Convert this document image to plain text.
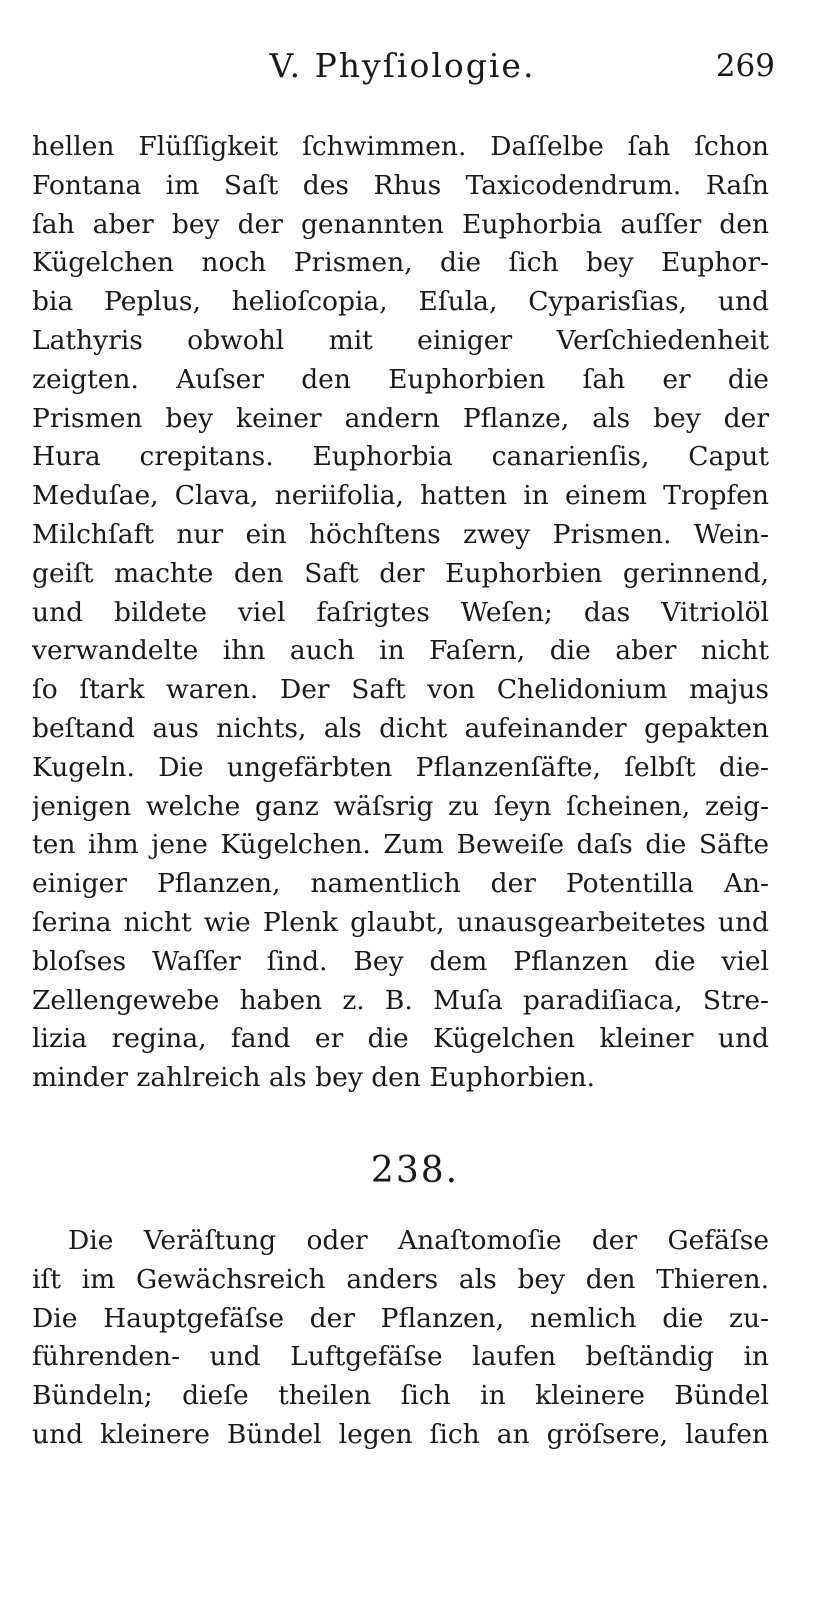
V. Phyſiologie.	269
hellen Flüſſigkeit ſchwimmen. Daſſelbe ſah ſchon
Fontana im Saſt des Rhus Taxicodendrum. Raſn
ſah aber bey der genannten Euphorbia auſſer den
Kügelchen noch Prismen, die ſich bey Euphor-
bia Peplus, helioſcopia, Eſula, Cyparisſias, und
Lathyris obwohl mit einiger Verſchiedenheit
zeigten. Auſser den Euphorbien ſah er die
Prismen bey keiner andern Pflanze, als bey der
Hura crepitans. Euphorbia canarienſis, Caput
Meduſae, Clava, neriifolia, hatten in einem Tropfen
Milchſaft nur ein höchſtens zwey Prismen. Wein-
geiſt machte den Saft der Euphorbien gerinnend,
und bildete viel faſrigtes Weſen; das Vitriolöl
verwandelte ihn auch in Faſern, die aber nicht
ſo ſtark waren. Der Saft von Chelidonium majus
beſtand aus nichts, als dicht aufeinander gepakten
Kugeln. Die ungefärbten Pflanzenſäfte, ſelbſt die-
jenigen welche ganz wäſsrig zu ſeyn ſcheinen, zeig-
ten ihm jene Kügelchen. Zum Beweiſe daſs die Säfte
einiger Pflanzen, namentlich der Potentilla An-
ſerina nicht wie Plenk glaubt, unausgearbeitetes und
bloſses Waſſer ſind. Bey dem Pflanzen die viel
Zellengewebe haben z. B. Muſa paradiſiaca, Stre-
lizia regina, fand er die Kügelchen kleiner und
minder zahlreich als bey den Euphorbien.
238.
Die Veräſtung oder Anaſtomoſie der Gefäſse
iſt im Gewächsreich anders als bey den Thieren.
Die Hauptgefäſse der Pflanzen, nemlich die zu-
führenden- und Luftgefäſse laufen beſtändig in
Bündeln; dieſe theilen ſich in kleinere Bündel
und kleinere Bündel legen ſich an gröſsere, laufen
